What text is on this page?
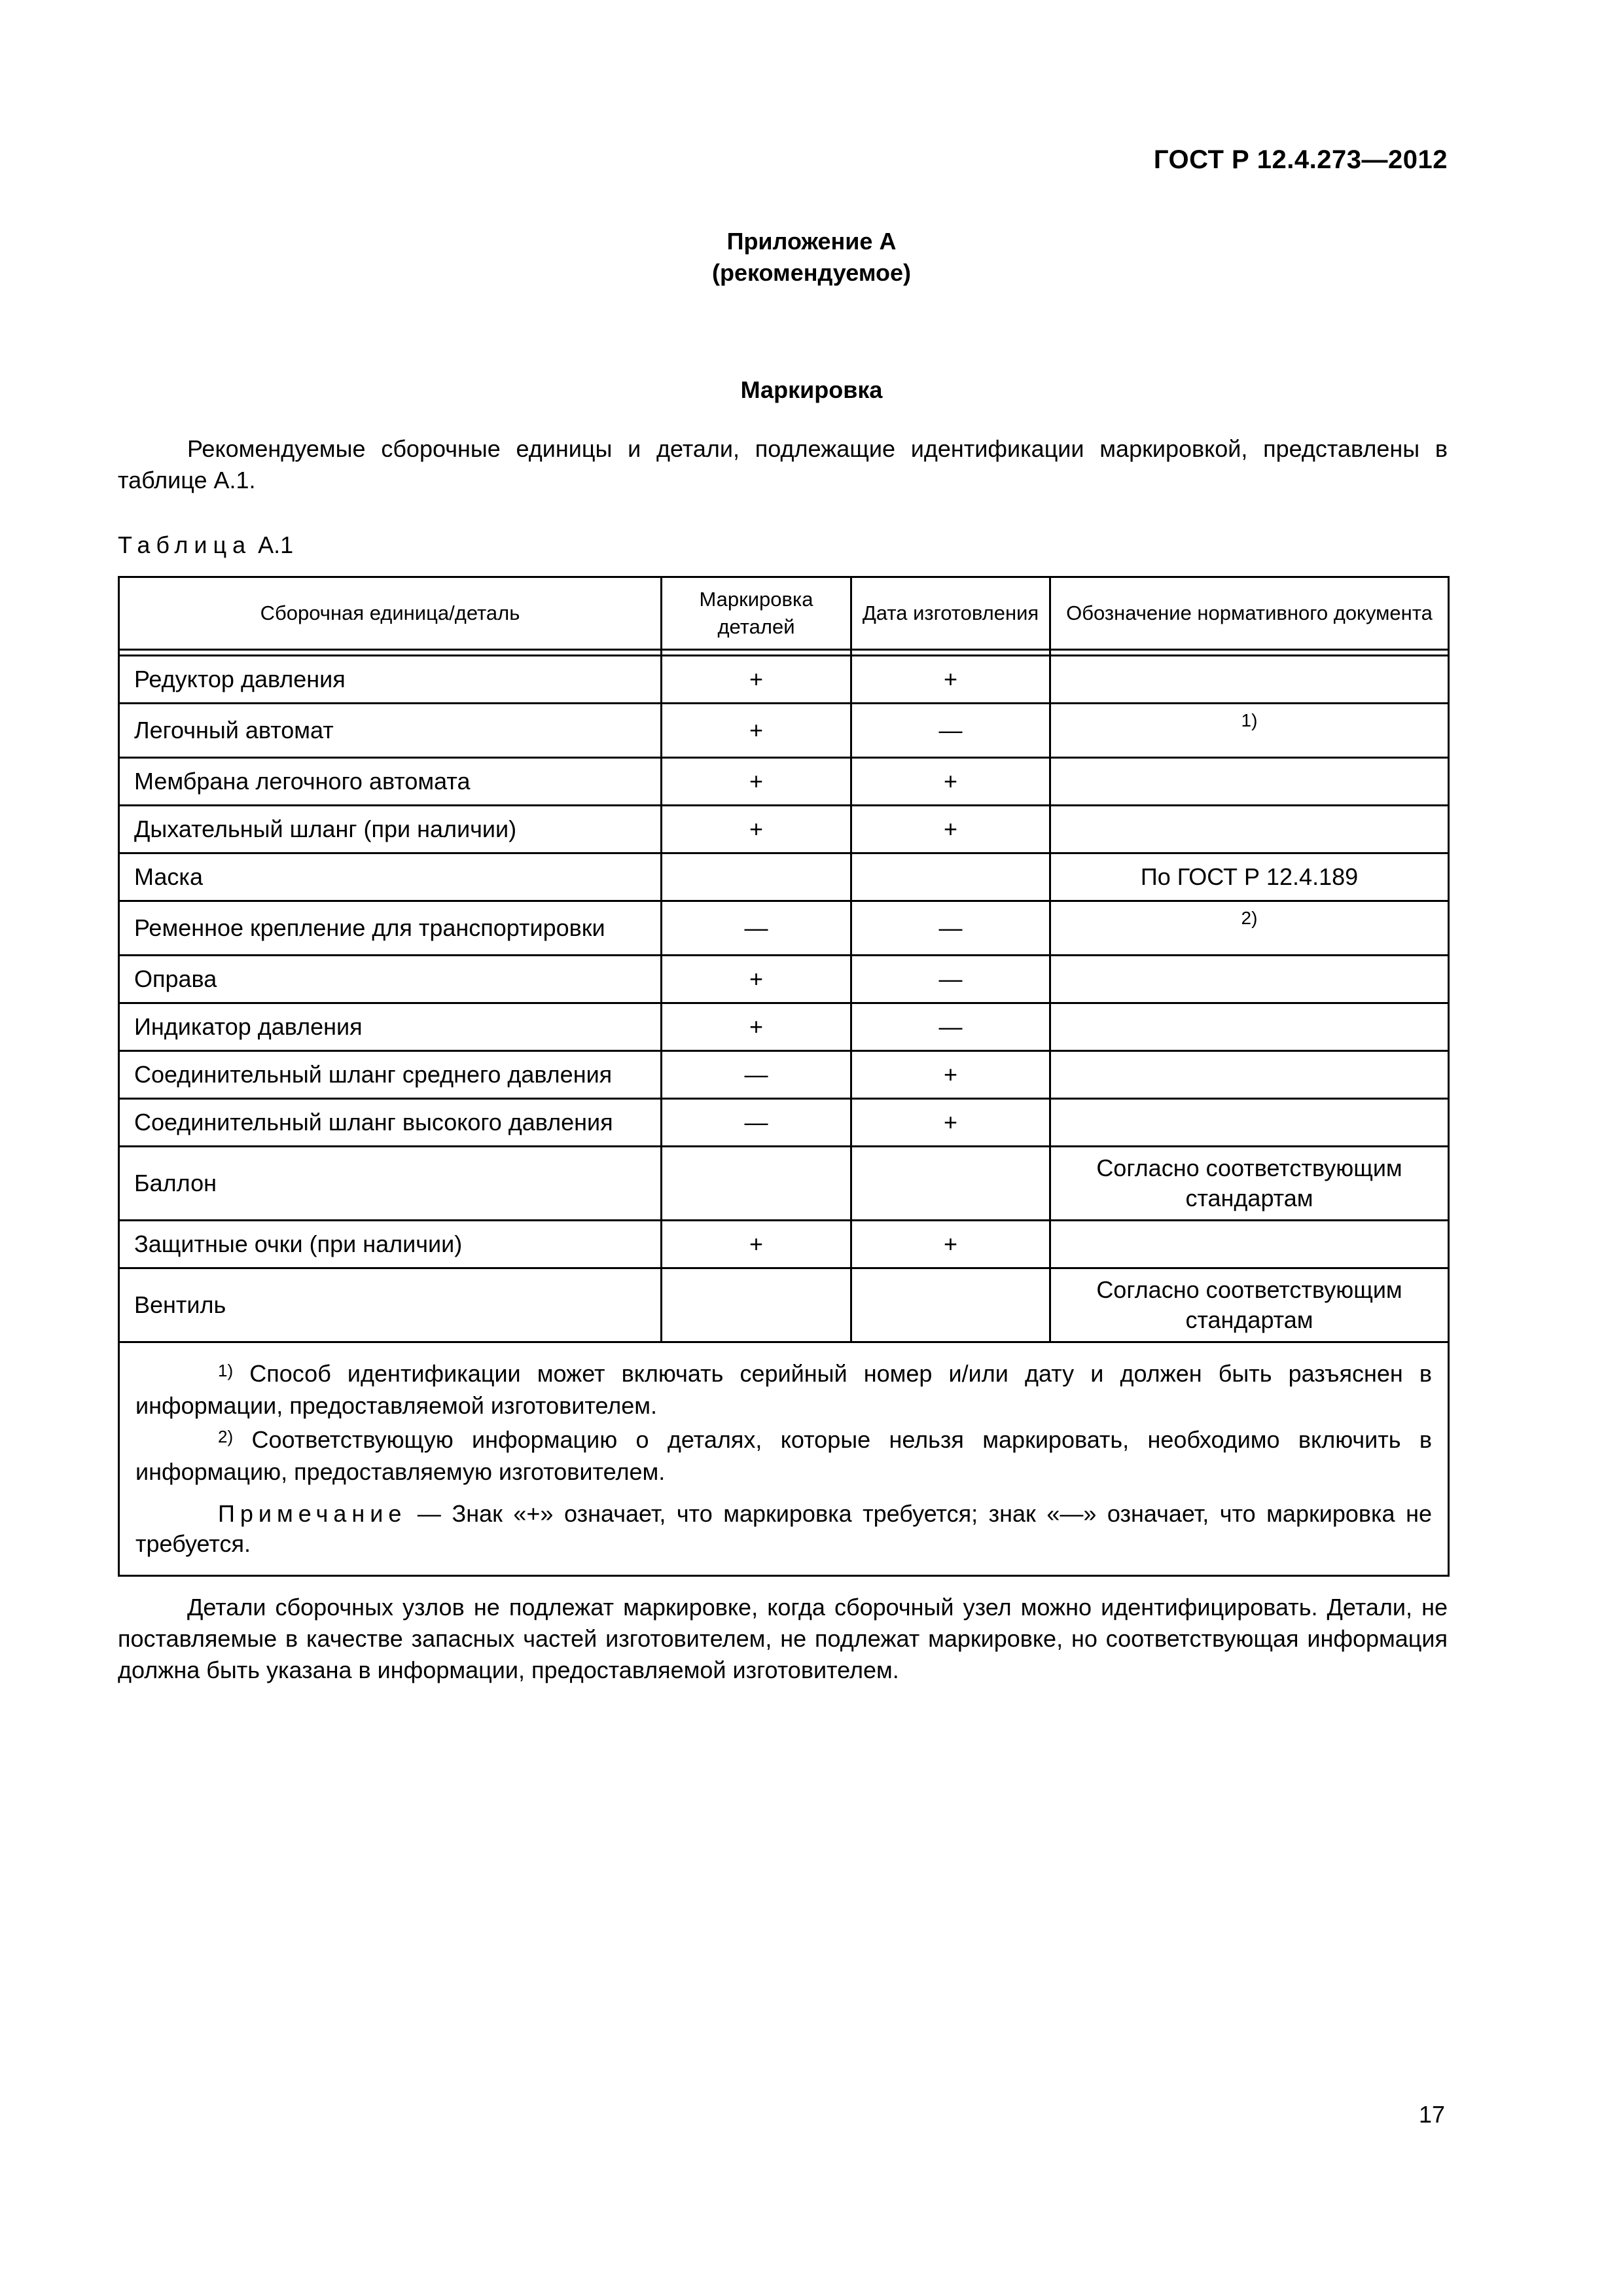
ГОСТ Р 12.4.273—2012
Приложение А
(рекомендуемое)
Маркировка
Рекомендуемые сборочные единицы и детали, подлежащие идентификации маркировкой, представлены в таблице А.1.
Таблица А.1
Сборочная единица/деталь	Маркировка деталей	Дата изготовления	Обозначение нормативного документа

Редуктор давления	+	+	
Легочный автомат	+	—	1)
Мембрана легочного автомата	+	+	
Дыхательный шланг (при наличии)	+	+	
Маска			По ГОСТ Р 12.4.189
Ременное крепление для транспортировки	—	—	2)
Оправа	+	—	
Индикатор давления	+	—	
Соединительный шланг среднего давления	—	+	
Соединительный шланг высокого давления	—	+	
Баллон			Согласно соответствующим стандартам
Защитные очки (при наличии)	+	+	
Вентиль			Согласно соответствующим стандартам

$^{1)}$ Способ идентификации может включать серийный номер и/или дату и должен быть разъяснен в информации, предоставляемой изготовителем.

$^{2)}$ Соответствующую информацию о деталях, которые нельзя маркировать, необходимо включить в информацию, предоставляемую изготовителем.

Примечание — Знак «+» означает, что маркировка требуется; знак «—» означает, что маркировка не требуется.			

Детали сборочных узлов не подлежат маркировке, когда сборочный узел можно идентифицировать. Детали, не поставляемые в качестве запасных частей изготовителем, не подлежат маркировке, но соответствующая информация должна быть указана в информации, предоставляемой изготовителем.
17
